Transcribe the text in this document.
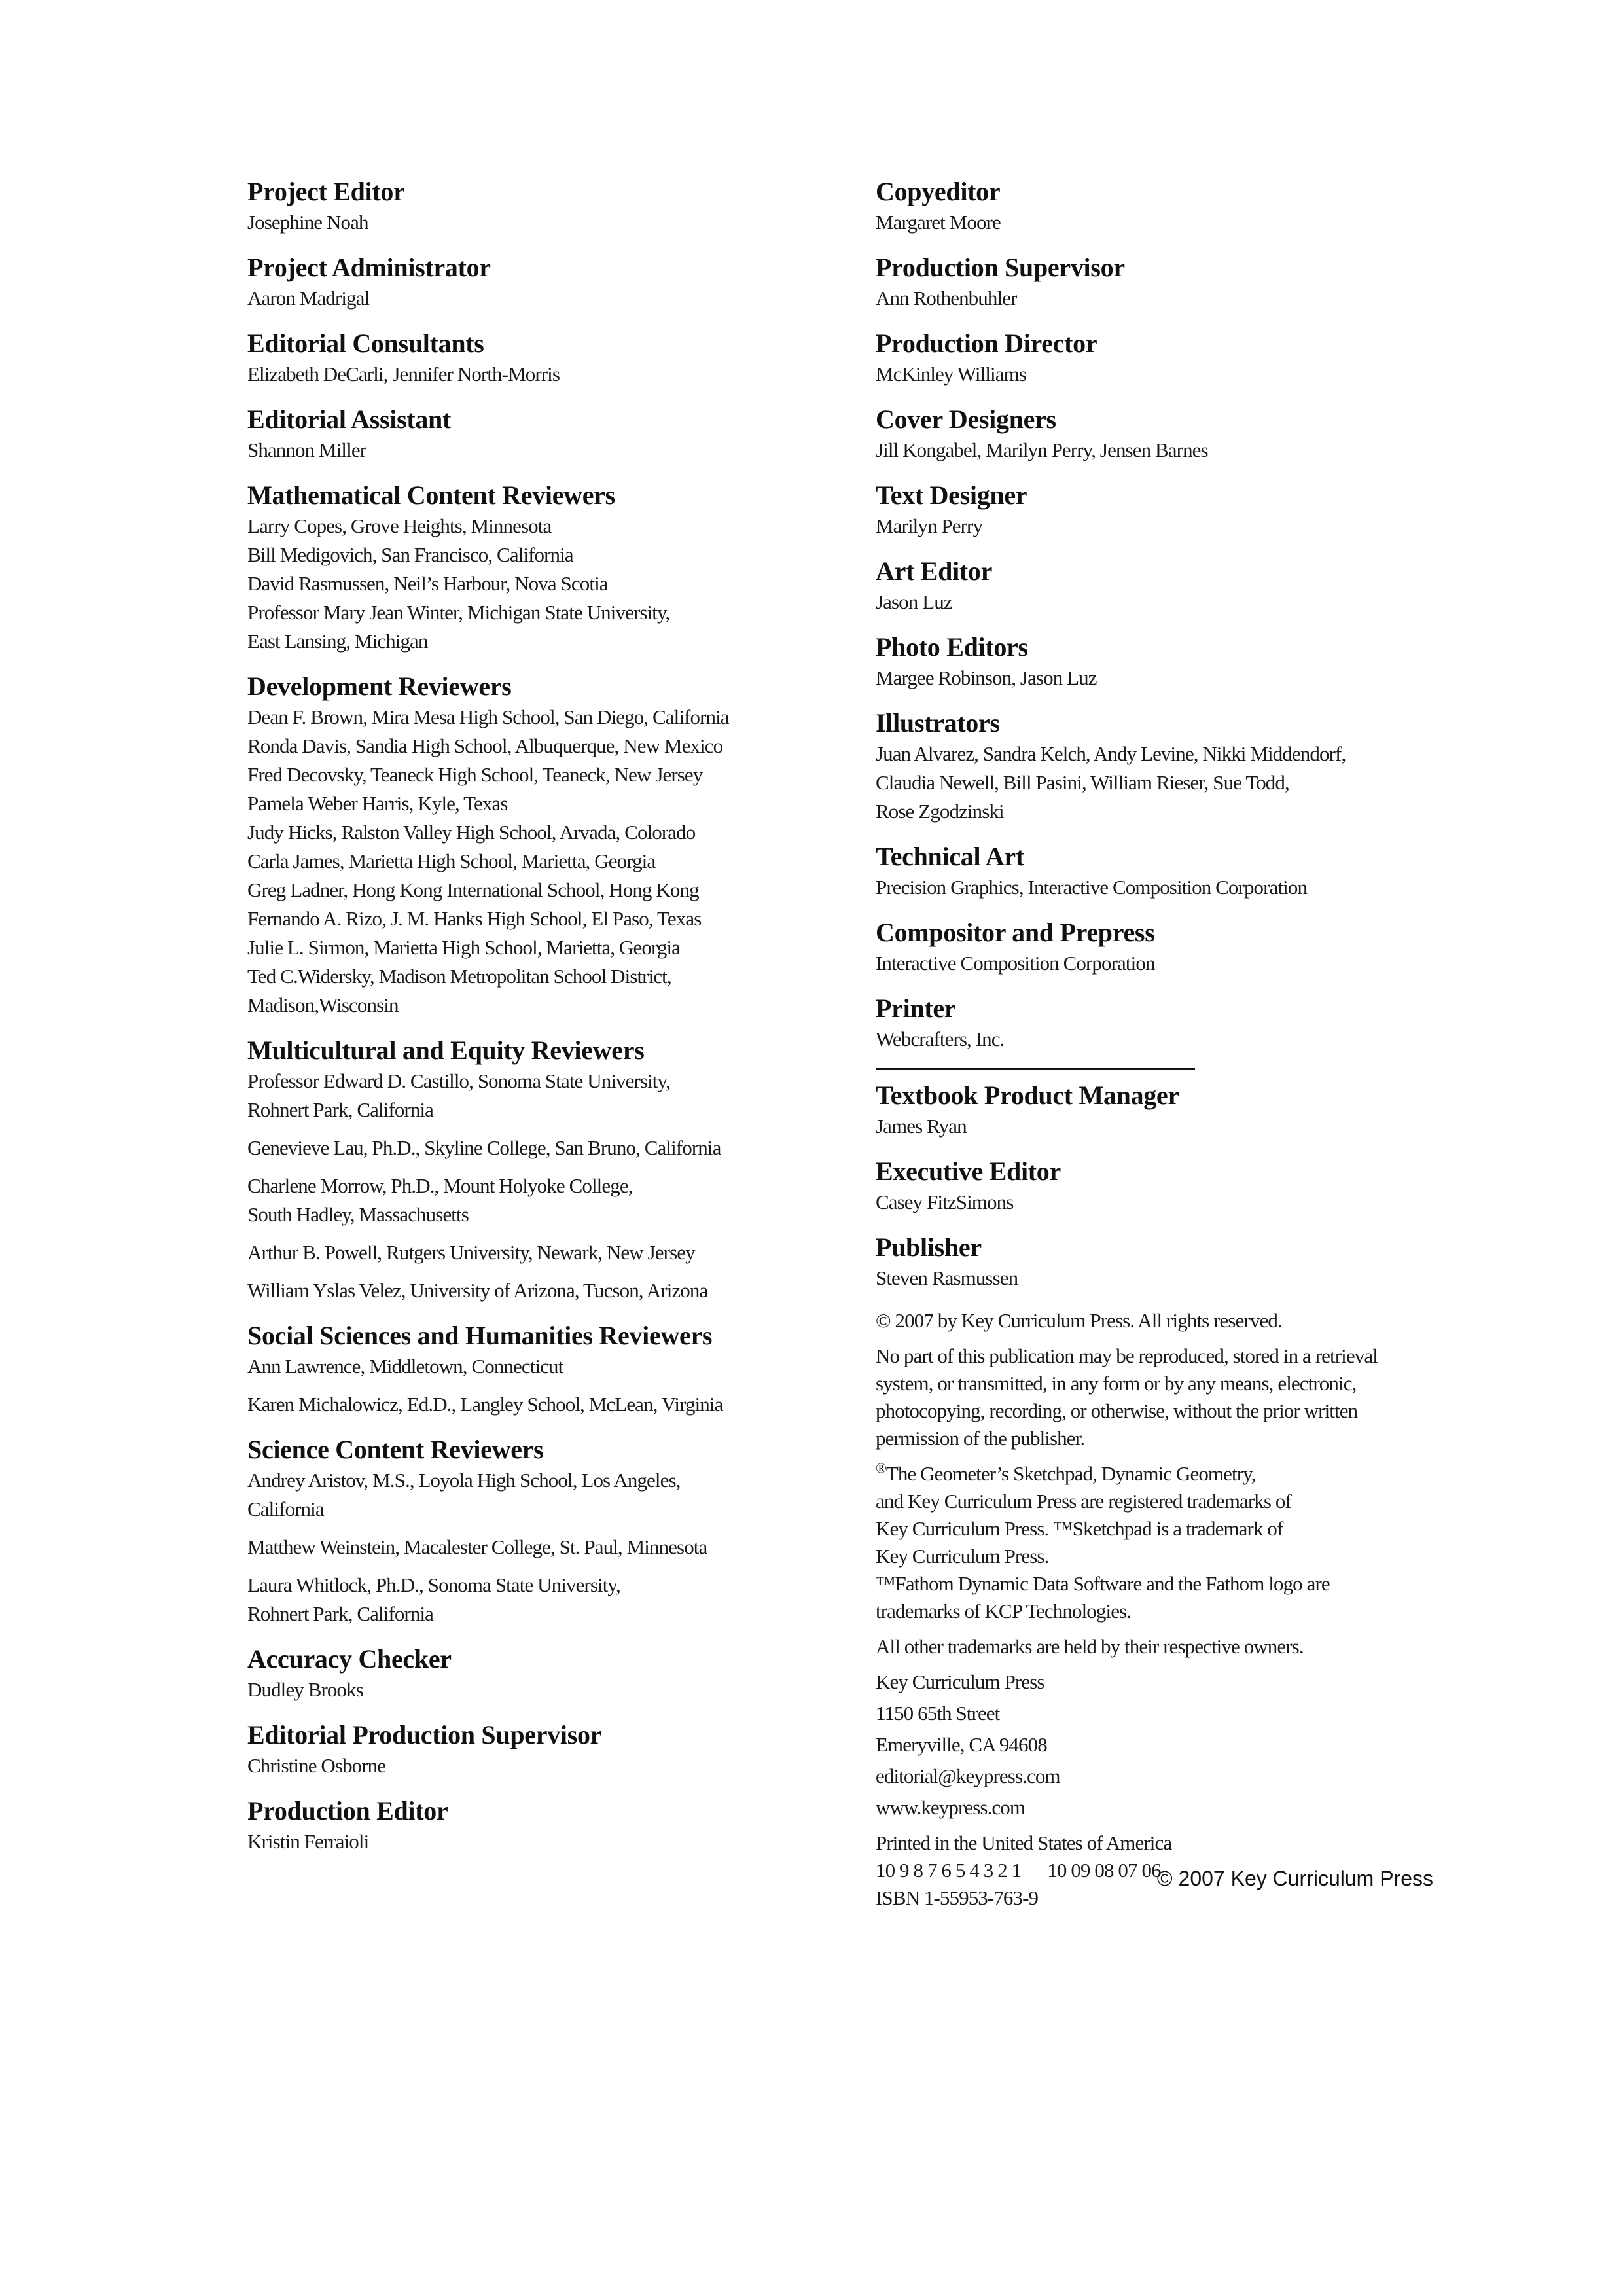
Project Editor
Josephine Noah
Project Administrator
Aaron Madrigal
Editorial Consultants
Elizabeth DeCarli, Jennifer North-Morris
Editorial Assistant
Shannon Miller
Mathematical Content Reviewers
Larry Copes, Grove Heights, Minnesota
Bill Medigovich, San Francisco, California
David Rasmussen, Neil’s Harbour, Nova Scotia
Professor Mary Jean Winter, Michigan State University,
East Lansing, Michigan
Development Reviewers
Dean F. Brown, Mira Mesa High School, San Diego, California
Ronda Davis, Sandia High School, Albuquerque, New Mexico
Fred Decovsky, Teaneck High School, Teaneck, New Jersey
Pamela Weber Harris, Kyle, Texas
Judy Hicks, Ralston Valley High School, Arvada, Colorado
Carla James, Marietta High School, Marietta, Georgia
Greg Ladner, Hong Kong International School, Hong Kong
Fernando A. Rizo, J. M. Hanks High School, El Paso, Texas
Julie L. Sirmon, Marietta High School, Marietta, Georgia
Ted C.Widersky, Madison Metropolitan School District,
Madison,Wisconsin
Multicultural and Equity Reviewers
Professor Edward D. Castillo, Sonoma State University,
Rohnert Park, California
Genevieve Lau, Ph.D., Skyline College, San Bruno, California
Charlene Morrow, Ph.D., Mount Holyoke College,
South Hadley, Massachusetts
Arthur B. Powell, Rutgers University, Newark, New Jersey
William Yslas Velez, University of Arizona, Tucson, Arizona
Social Sciences and Humanities Reviewers
Ann Lawrence, Middletown, Connecticut
Karen Michalowicz, Ed.D., Langley School, McLean, Virginia
Science Content Reviewers
Andrey Aristov, M.S., Loyola High School, Los Angeles,
California
Matthew Weinstein, Macalester College, St. Paul, Minnesota
Laura Whitlock, Ph.D., Sonoma State University,
Rohnert Park, California
Accuracy Checker
Dudley Brooks
Editorial Production Supervisor
Christine Osborne
Production Editor
Kristin Ferraioli
Copyeditor
Margaret Moore
Production Supervisor
Ann Rothenbuhler
Production Director
McKinley Williams
Cover Designers
Jill Kongabel, Marilyn Perry, Jensen Barnes
Text Designer
Marilyn Perry
Art Editor
Jason Luz
Photo Editors
Margee Robinson, Jason Luz
Illustrators
Juan Alvarez, Sandra Kelch, Andy Levine, Nikki Middendorf,
Claudia Newell, Bill Pasini, William Rieser, Sue Todd,
Rose Zgodzinski
Technical Art
Precision Graphics, Interactive Composition Corporation
Compositor and Prepress
Interactive Composition Corporation
Printer
Webcrafters, Inc.
Textbook Product Manager
James Ryan
Executive Editor
Casey FitzSimons
Publisher
Steven Rasmussen
© 2007 by Key Curriculum Press. All rights reserved.
No part of this publication may be reproduced, stored in a retrieval
system, or transmitted, in any form or by any means, electronic,
photocopying, recording, or otherwise, without the prior written
permission of the publisher.
®The Geometer’s Sketchpad, Dynamic Geometry,
and Key Curriculum Press are registered trademarks of
Key Curriculum Press. ™Sketchpad is a trademark of
Key Curriculum Press.
™Fathom Dynamic Data Software and the Fathom logo are
trademarks of KCP Technologies.
All other trademarks are held by their respective owners.
Key Curriculum Press
1150 65th Street
Emeryville, CA 94608
editorial@keypress.com
www.keypress.com
Printed in the United States of America
10 9 8 7 6 5 4 3 2 1 10 09 08 07 06
ISBN 1-55953-763-9
© 2007 Key Curriculum Press
